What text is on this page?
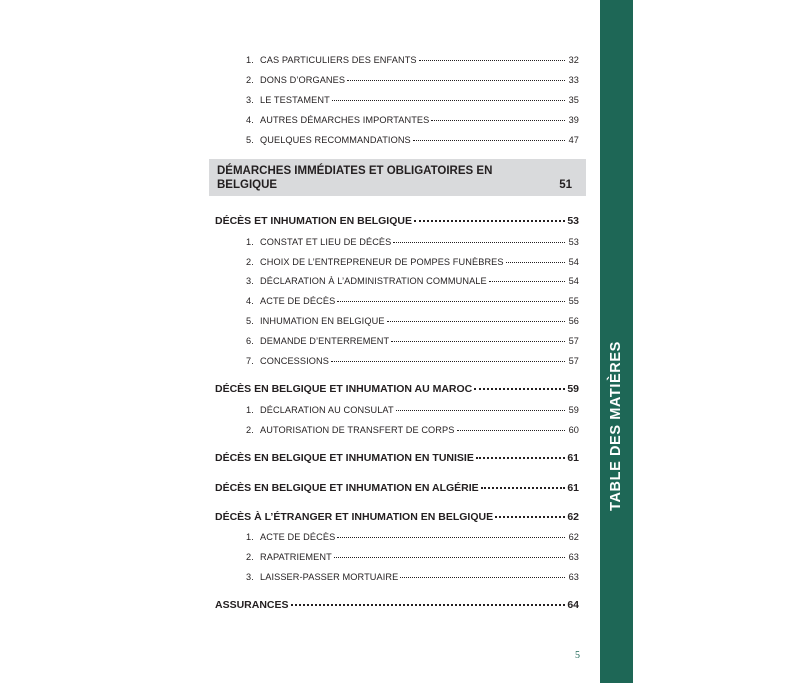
1. CAS PARTICULIERS DES ENFANTS	32
2. DONS D’ORGANES	33
3. LE TESTAMENT	35
4. AUTRES DÉMARCHES IMPORTANTES	39
5. QUELQUES RECOMMANDATIONS	47
DÉMARCHES IMMÉDIATES ET OBLIGATOIRES EN BELGIQUE	51
DÉCÈS ET INHUMATION EN BELGIQUE	53
1. CONSTAT ET LIEU DE DÉCÈS	53
2. CHOIX DE L’ENTREPRENEUR DE POMPES FUNÈBRES	54
3. DÉCLARATION À L’ADMINISTRATION COMMUNALE	54
4. ACTE DE DÉCÈS	55
5. INHUMATION EN BELGIQUE	56
6. DEMANDE D’ENTERREMENT	57
7. CONCESSIONS	57
DÉCÈS EN BELGIQUE ET INHUMATION AU MAROC	59
1. DÉCLARATION AU CONSULAT	59
2. AUTORISATION DE TRANSFERT DE CORPS	60
DÉCÈS EN BELGIQUE ET INHUMATION EN TUNISIE	61
DÉCÈS EN BELGIQUE ET INHUMATION EN ALGÉRIE	61
DÉCÈS À L’ÉTRANGER ET INHUMATION EN BELGIQUE	62
1. ACTE DE DÉCÈS	62
2. RAPATRIEMENT	63
3. LAISSER-PASSER MORTUAIRE	63
ASSURANCES	64
5
TABLE DES MATIÈRES
